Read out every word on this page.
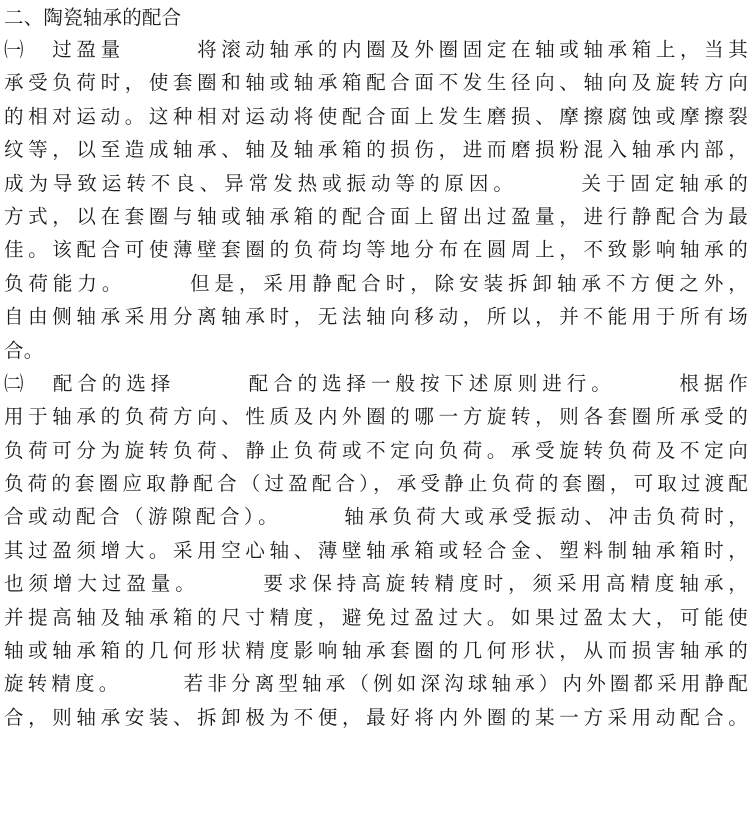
二、陶瓷轴承的配合
㈠　过盈量　　　将滚动轴承的内圈及外圈固定在轴或轴承箱上，当其
承受负荷时，使套圈和轴或轴承箱配合面不发生径向、轴向及旋转方向
的相对运动。这种相对运动将使配合面上发生磨损、摩擦腐蚀或摩擦裂
纹等，以至造成轴承、轴及轴承箱的损伤，进而磨损粉混入轴承内部，
成为导致运转不良、异常发热或振动等的原因。　　　关于固定轴承的
方式，以在套圈与轴或轴承箱的配合面上留出过盈量，进行静配合为最
佳。该配合可使薄壁套圈的负荷均等地分布在圆周上，不致影响轴承的
负荷能力。　　　但是，采用静配合时，除安装拆卸轴承不方便之外，
自由侧轴承采用分离轴承时，无法轴向移动，所以，并不能用于所有场
合。
㈡　配合的选择　　　配合的选择一般按下述原则进行。　　　根据作
用于轴承的负荷方向、性质及内外圈的哪一方旋转，则各套圈所承受的
负荷可分为旋转负荷、静止负荷或不定向负荷。承受旋转负荷及不定向
负荷的套圈应取静配合（过盈配合），承受静止负荷的套圈，可取过渡配
合或动配合（游隙配合）。　　　轴承负荷大或承受振动、冲击负荷时，
其过盈须增大。采用空心轴、薄壁轴承箱或轻合金、塑料制轴承箱时，
也须增大过盈量。　　　要求保持高旋转精度时，须采用高精度轴承，
并提高轴及轴承箱的尺寸精度，避免过盈过大。如果过盈太大，可能使
轴或轴承箱的几何形状精度影响轴承套圈的几何形状，从而损害轴承的
旋转精度。　　　若非分离型轴承（例如深沟球轴承）内外圈都采用静配
合，则轴承安装、拆卸极为不便，最好将内外圈的某一方采用动配合。
